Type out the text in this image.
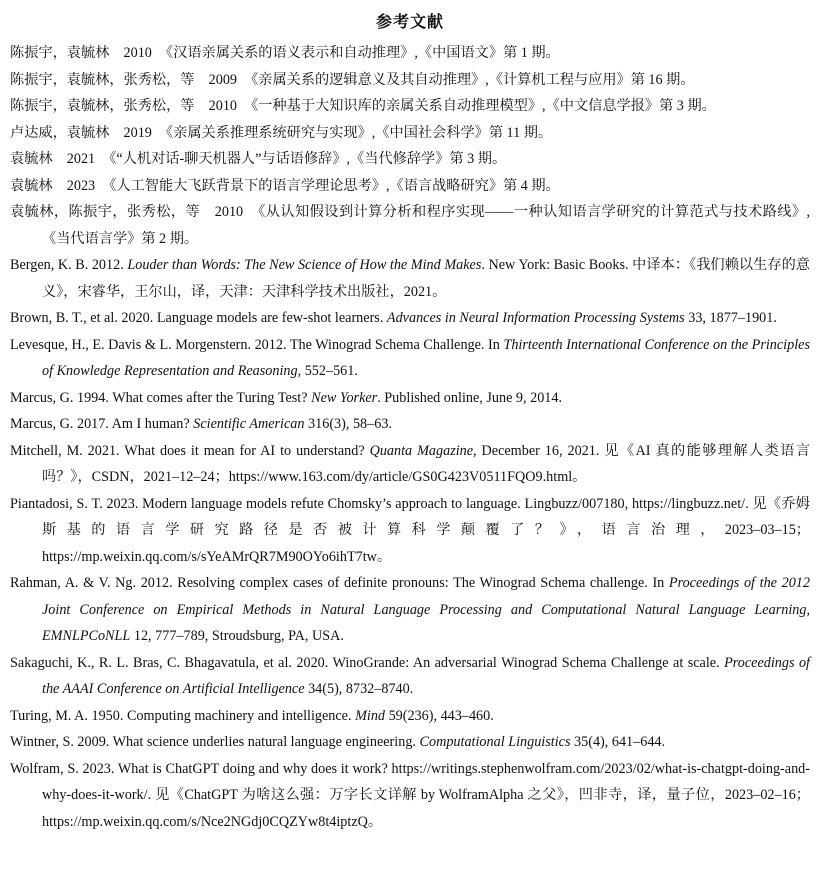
参考文献
陈振宇，袁毓林　2010　《汉语亲属关系的语义表示和自动推理》,《中国语文》第 1 期。
陈振宇，袁毓林，张秀松，等　2009　《亲属关系的逻辑意义及其自动推理》,《计算机工程与应用》第 16 期。
陈振宇，袁毓林，张秀松，等　2010　《一种基于大知识库的亲属关系自动推理模型》,《中文信息学报》第 3 期。
卢达威，袁毓林　2019　《亲属关系推理系统研究与实现》,《中国社会科学》第 11 期。
袁毓林　2021　《“人机对话-聊天机器人”与话语修辞》,《当代修辞学》第 3 期。
袁毓林　2023　《人工智能大飞跃背景下的语言学理论思考》,《语言战略研究》第 4 期。
袁毓林，陈振宇，张秀松，等　2010　《从认知假设到计算分析和程序实现——一种认知语言学研究的计算范式与技术路线》,《当代语言学》第 2 期。
Bergen, K. B. 2012. Louder than Words: The New Science of How the Mind Makes. New York: Basic Books. 中译本：《我们赖以生存的意义》，宋睿华，王尔山，译，天津：天津科学技术出版社，2021。
Brown, B. T., et al. 2020. Language models are few-shot learners. Advances in Neural Information Processing Systems 33, 1877–1901.
Levesque, H., E. Davis & L. Morgenstern. 2012. The Winograd Schema Challenge. In Thirteenth International Conference on the Principles of Knowledge Representation and Reasoning, 552–561.
Marcus, G. 1994. What comes after the Turing Test? New Yorker. Published online, June 9, 2014.
Marcus, G. 2017. Am I human? Scientific American 316(3), 58–63.
Mitchell, M. 2021. What does it mean for AI to understand? Quanta Magazine, December 16, 2021. 见《AI 真的能够理解人类语言吗？》，CSDN，2021–12–24；https://www.163.com/dy/article/GS0G423V0511FQO9.html。
Piantadosi, S. T. 2023. Modern language models refute Chomsky’s approach to language. Lingbuzz/007180, https://lingbuzz.net/. 见《乔姆斯基的语言学研究路径是否被计算科学颠覆了？》，语言治理，2023–03–15；https://mp.weixin.qq.com/s/sYeAMrQR7M90OYo6ihT7tw。
Rahman, A. & V. Ng. 2012. Resolving complex cases of definite pronouns: The Winograd Schema challenge. In Proceedings of the 2012 Joint Conference on Empirical Methods in Natural Language Processing and Computational Natural Language Learning, EMNLPCoNLL 12, 777–789, Stroudsburg, PA, USA.
Sakaguchi, K., R. L. Bras, C. Bhagavatula, et al. 2020. WinoGrande: An adversarial Winograd Schema Challenge at scale. Proceedings of the AAAI Conference on Artificial Intelligence 34(5), 8732–8740.
Turing, M. A. 1950. Computing machinery and intelligence. Mind 59(236), 443–460.
Wintner, S. 2009. What science underlies natural language engineering. Computational Linguistics 35(4), 641–644.
Wolfram, S. 2023. What is ChatGPT doing and why does it work? https://writings.stephenwolfram.com/2023/02/what-is-chatgpt-doing-and-why-does-it-work/. 见《ChatGPT 为啥这么强：万字长文详解 by WolframAlpha 之父》，凹非寺，译，量子位，2023–02–16；https://mp.weixin.qq.com/s/Nce2NGdj0CQZYw8t4iptzQ。
